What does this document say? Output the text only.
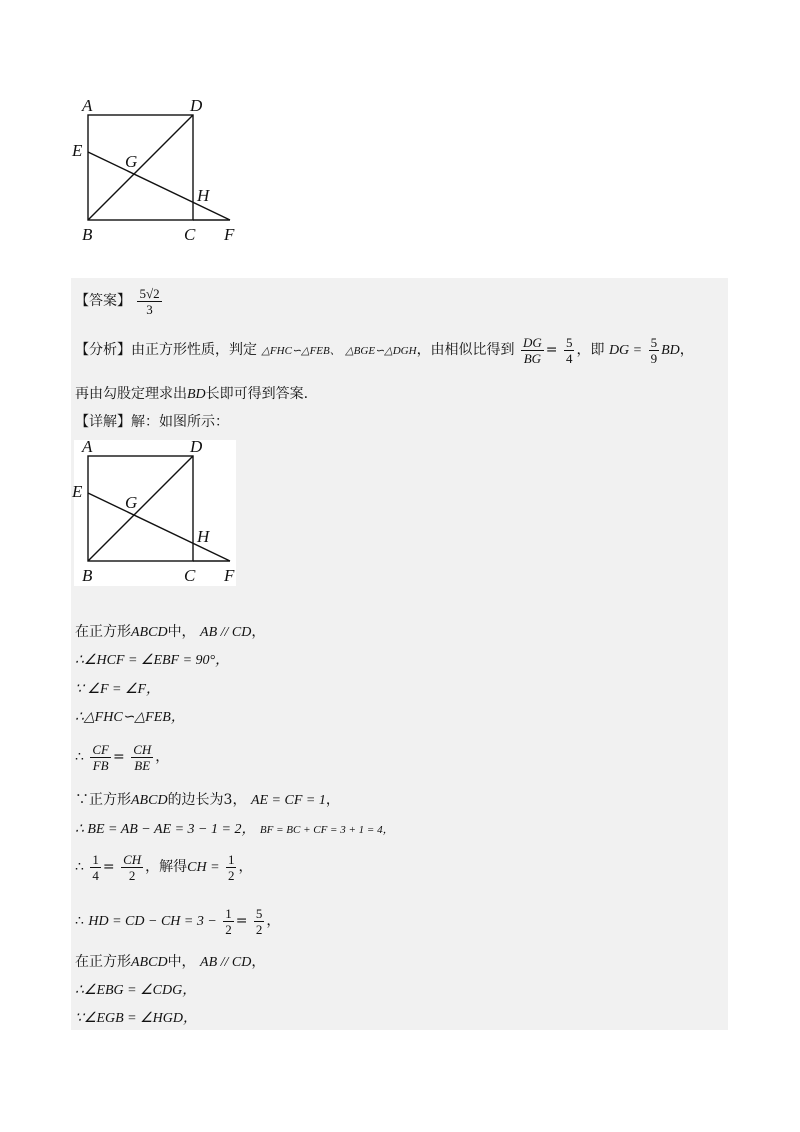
A	D
E
G
H
B	C F
【答案】 $\frac{5√2}{3}$
【分析】由正方形性质，判定 △FHC∽△FEB、 △BGE∽△DGH，由相似比得到 $\frac{DG}{BG} = \frac{5}{4}$ ，即 DG = $\frac{5}{9}$ BD，
再由勾股定理求出BD长即可得到答案.
【详解】解：如图所示：
A	D
E
G
H
B	C F
在正方形ABCD中， AB // CD，
∴∠HCF = ∠EBF = 90°，
∵ ∠F = ∠F，
∴△FHC∽△FEB，
∴ $\frac{CF}{FB} = \frac{CH}{BE}$ ，
∵正方形ABCD的边长为3， AE = CF = 1，
∴ BE = AB − AE = 3 − 1 = 2， BF = BC + CF = 3 + 1 = 4，
∴ $\frac{1}{4} = \frac{CH}{2}$ ，解得CH = $\frac{1}{2}$ ，
∴ HD = CD − CH = $3 - \frac{1}{2} = \frac{5}{2}$ ，
在正方形ABCD中， AB // CD，
∴∠EBG = ∠CDG，
∵∠EGB = ∠HGD，
